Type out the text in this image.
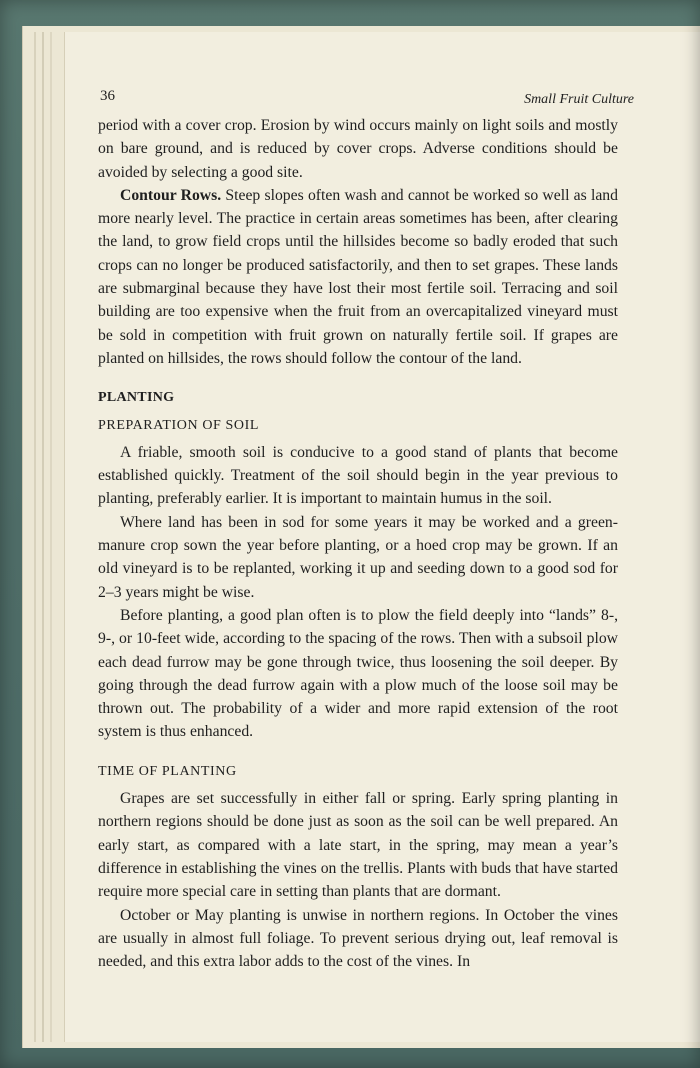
36	Small Fruit Culture

period with a cover crop. Erosion by wind occurs mainly on light soils and mostly on bare ground, and is reduced by cover crops. Adverse conditions should be avoided by selecting a good site.

Contour Rows. Steep slopes often wash and cannot be worked so well as land more nearly level. The practice in certain areas sometimes has been, after clearing the land, to grow field crops until the hillsides become so badly eroded that such crops can no longer be produced satisfactorily, and then to set grapes. These lands are submarginal because they have lost their most fertile soil. Terracing and soil building are too expensive when the fruit from an overcapitalized vineyard must be sold in competition with fruit grown on naturally fertile soil. If grapes are planted on hillsides, the rows should follow the contour of the land.

PLANTING
PREPARATION OF SOIL

A friable, smooth soil is conducive to a good stand of plants that become established quickly. Treatment of the soil should begin in the year previous to planting, preferably earlier. It is important to maintain humus in the soil.

Where land has been in sod for some years it may be worked and a green-manure crop sown the year before planting, or a hoed crop may be grown. If an old vineyard is to be replanted, working it up and seeding down to a good sod for 2–3 years might be wise.

Before planting, a good plan often is to plow the field deeply into “lands” 8-, 9-, or 10-feet wide, according to the spacing of the rows. Then with a subsoil plow each dead furrow may be gone through twice, thus loosening the soil deeper. By going through the dead furrow again with a plow much of the loose soil may be thrown out. The probability of a wider and more rapid extension of the root system is thus enhanced.

TIME OF PLANTING

Grapes are set successfully in either fall or spring. Early spring planting in northern regions should be done just as soon as the soil can be well prepared. An early start, as compared with a late start, in the spring, may mean a year’s difference in establishing the vines on the trellis. Plants with buds that have started require more special care in setting than plants that are dormant.

October or May planting is unwise in northern regions. In October the vines are usually in almost full foliage. To prevent serious drying out, leaf removal is needed, and this extra labor adds to the cost of the vines. In
